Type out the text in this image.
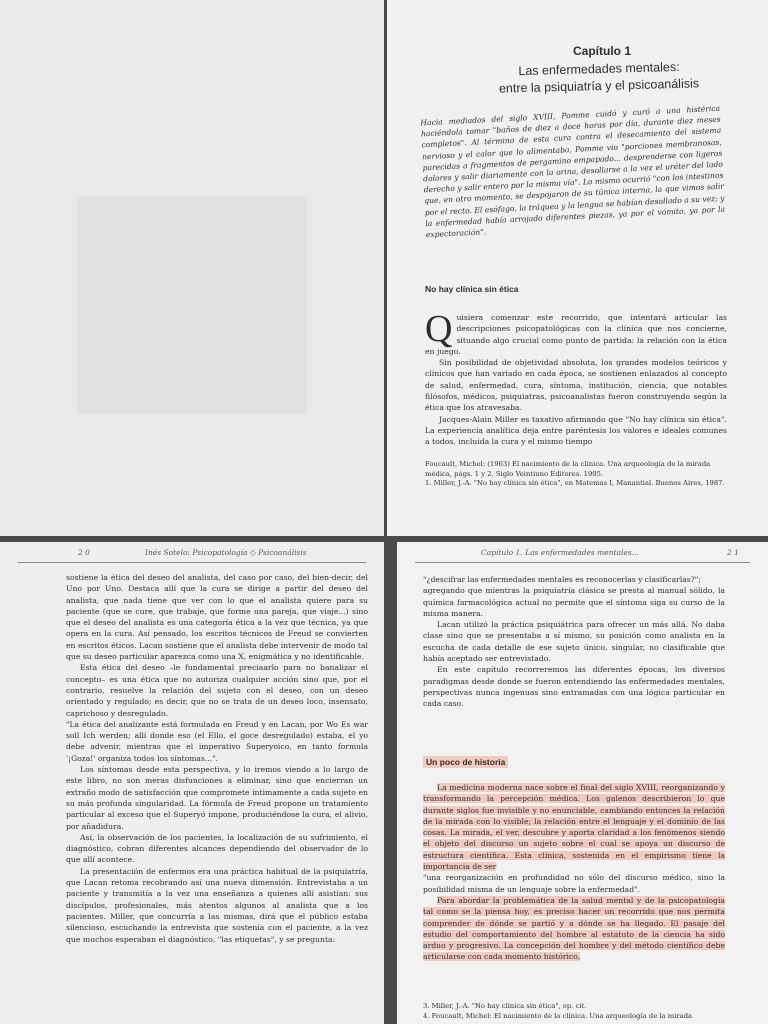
Capítulo 1
Las enfermedades mentales:
entre la psiquiatría y el psicoanálisis
Hacia mediados del siglo XVIII, Pomme cuidó y curó a una histérica haciéndola tomar "baños de diez a doce horas por día, durante diez meses completos". Al término de esta cura contra el desecamiento del sistema nervioso y el calor que lo alimentaba, Pomme vio "porciones membranosas, parecidas a fragmentos de pergamino empapado... desprenderse con ligeros dolores y salir diariamente con la orina, desollarse a la vez el uréter del lado derecho y salir entero por la misma vía". Lo mismo ocurrió "con los intestinos que, en otro momento, se despojaron de su túnica interna, la que vimos salir por el recto. El esófago, la tráquea y la lengua se habían desollado a su vez; y la enfermedad había arrojado diferentes piezas, ya por el vómito, ya por la expectoración".
No hay clínica sin ética
Q uisiera comenzar este recorrido, que intentará articular las descripciones psicopatológicas con la clínica que nos concierne, situando algo crucial como punto de partida: la relación con la ética en juego.

Sin posibilidad de objetividad absoluta, los grandes modelos teóricos y clínicos que han variado en cada época, se sostienen enlazados al concepto de salud, enfermedad, cura, síntoma, institución, ciencia, que notables filósofos, médicos, psiquiatras, psicoanalistas fueron construyendo según la ética que los atravesaba.

Jacques-Alain Miller es taxativo afirmando que "No hay clínica sin ética". La experiencia analítica deja entre paréntesis los valores e ideales comunes a todos, incluida la cura y el mismo tiempo

Foucault, Michel: (1963) El nacimiento de la clínica. Una arqueología de la mirada médica, págs. 1 y 2. Siglo Veintiuno Editores. 1995.

1. Miller, J.-A. "No hay clínica sin ética", en Matemas I, Manantial. Buenos Aires, 1987.

2 0	Inés Sotelo: Psicopatología ◇ Psicoanálisis

sostiene la ética del deseo del analista, del caso por caso, del bien-decir, del Uno por Uno. Destaca allí que la cura se dirige a partir del deseo del analista, que nada tiene que ver con lo que el analista quiere para su paciente (que se cure, que trabaje, que forme una pareja, que viaje...) sino que el deseo del analista es una categoría ética a la vez que técnica, ya que opera en la cura. Así pensado, los escritos técnicos de Freud se convierten en escritos éticos. Lacan sostiene que el analista debe intervenir de modo tal que su deseo particular aparezca como una X, enigmática y no identificable.

Esta ética del deseo –le fundamental preciaarlo para no banalizar el concepto– es una ética que no autoriza cualquier acción sino que, por el contrario, resuelve la relación del sujeto con el deseo, con un deseo orientado y regulado; es decir, que no se trata de un deseo loco, insensato, caprichoso y desregulado.

"La ética del analizante está formulada en Freud y en Lacan, por Wo Es war soll Ich werden; allí donde eso (el Ello, el goce desregulado) estaba, el yo debe advenir, mientras que el imperativo Superyoico, en tanto formula '¡Goza!' organiza todos los síntomas...".

Los síntomas desde esta perspectiva, y lo iremos viendo a lo largo de este libro, no son meras disfunciones a eliminar, sino que encierran un extraño modo de satisfacción que compromete íntimamente a cada sujeto en su más profunda singularidad. La fórmula de Freud propone un tratamiento particular al exceso que el Superyó impone, produciéndose la cura, el alivio, por añadidura.

Así, la observación de los pacientes, la localización de su sufrimiento, el diagnóstico, cobran diferentes alcances dependiendo del observador de lo que allí acontece.

La presentación de enfermos era una práctica habitual de la psiquiatría, que Lacan retoma recobrando así una nueva dimensión. Entrevistaba a un paciente y transmitía a la vez una enseñanza a quienes allí asistían: sus discípulos, profesionales, más atentos algunos al analista que a los pacientes. Miller, que concurría a las mismas, dirá que el público estaba silencioso, escuchando la entrevista que sostenía con el paciente, a la vez que muchos esperaban el diagnóstico, "las etiquetas", y se pregunta:

Capítulo 1. Las enfermedades mentales...	2 1

"¿descifrar las enfermedades mentales es reconocerlas y clasificarlas?";

agregando que mientras la psiquiatría clásica se presta al manual sólido, la química farmacológica actual no permite que el síntoma siga su curso de la misma manera.

Lacan utilizó la práctica psiquiátrica para ofrecer un más allá. No daba clase sino que se presentaba a sí mismo, su posición como analista en la escucha de cada detalle de ese sujeto único, singular, no clasificable que había aceptado ser entrevistado.

En este capítulo recorreremos las diferentes épocas, los diversos paradigmas desde donde se fueron entendiendo las enfermedades mentales, perspectivas nunca ingenuas sino entramadas con una lógica particular en cada caso.

Un poco de historia

La medicina moderna nace sobre el final del siglo XVIII, reorganizando y transformando la percepción médica. Los galenos describieron lo que durante siglos fue invisible y no enunciable, cambiando entonces la relación de la mirada con lo visible; la relación entre el lenguaje y el dominio de las cosas. La mirada, el ver, descubre y aporta claridad a los fenómenos siendo el objeto del discurso un sujeto sobre el cual se apoya un discurso de estructura científica. Esta clínica, sostenida en el empirismo tiene la importancia de ser

"una reorganización en profundidad no sólo del discurso médico, sino la posibilidad misma de un lenguaje sobre la enfermedad".

Para abordar la problemática de la salud mental y de la psicopatología tal como se la piensa hoy, es preciso hacer un recorrido que nos permita comprender de dónde se partió y a dónde se ha llegado. El pasaje del estudio del comportamiento del hombre al estatuto de la ciencia ha sido arduo y progresivo. La concepción del hombre y del método científico debe articularse con cada momento histórico,

3. Miller, J.-A. "No hay clínica sin ética", op. cit.

4. Foucault, Michel: El nacimiento de la clínica. Una arqueología de la mirada
